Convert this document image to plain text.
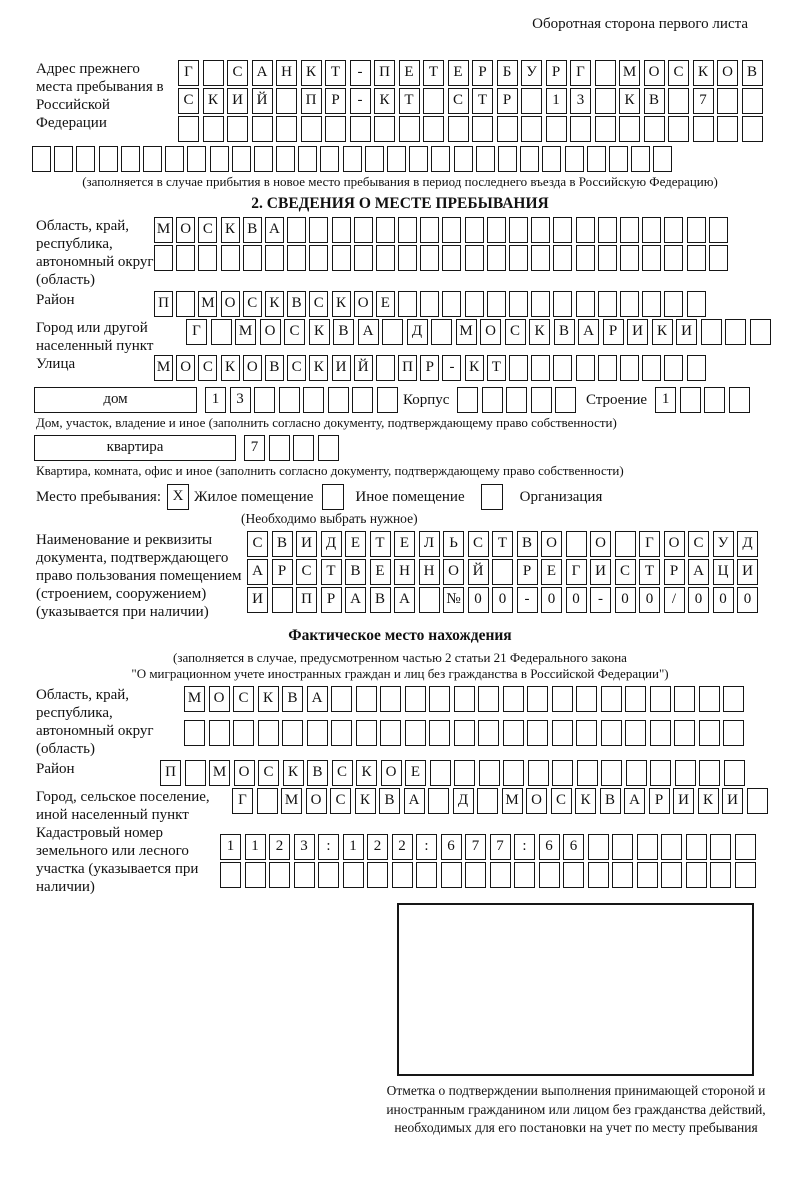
Оборотная сторона первого листа
Адрес прежнего места пребывания в Российской Федерации
Г	С А Н К Т - П Е Т Е Р Б У Р Г	М О С К О В
С К И Й	П Р - К Т	С Т Р	1 3	К В	7
(заполняется в случае прибытия в новое место пребывания в период последнего въезда в Российскую Федерацию)
2. СВЕДЕНИЯ О МЕСТЕ ПРЕБЫВАНИЯ
Область, край, республика, автономный округ (область)
М О С К В А
Район	П М О С К В С К О Е
Город или другой населенный пункт
Г	М О С К В А	Д М О С К В А Р И К И
Улица	М О С К О В С К И Й П Р - К Т
дом	1 3	Корпус	Строение 1
Дом, участок, владение и иное (заполнить согласно документу, подтверждающему право собственности)
квартира	7
Квартира, комната, офис и иное (заполнить согласно документу, подтверждающему право собственности)
Место пребывания: X Жилое помещение	Иное помещение	Организация
(Необходимо выбрать нужное)
Наименование и реквизиты документа, подтверждающего право пользования помещением (строением, сооружением) (указывается при наличии)
С В И Д Е Т Е Л Ь С Т В О	О	Г О С У Д
А Р С Т В Е Н Н О Й	Р Е Г И С Т Р А Ц И
И	П Р А В А № 0 0 - 0 0 - 0 0 / 0 0 0
Фактическое место нахождения
(заполняется в случае, предусмотренном частью 2 статьи 21 Федерального закона
"О миграционном учете иностранных граждан и лиц без гражданства в Российской Федерации")
Область, край, республика, автономный округ (область)
М О С К В А
Район	П М О С К В С К О Е
Город, сельское поселение, иной населенный пункт
Г	М О С К В А	Д М О С К В А Р И К И
Кадастровый номер земельного или лесного участка (указывается при наличии)
1 1 2 3 : 1 2 2 : 6 7 7 : 6 6
Отметка о подтверждении выполнения принимающей стороной и иностранным гражданином или лицом без гражданства действий, необходимых для его постановки на учет по месту пребывания
